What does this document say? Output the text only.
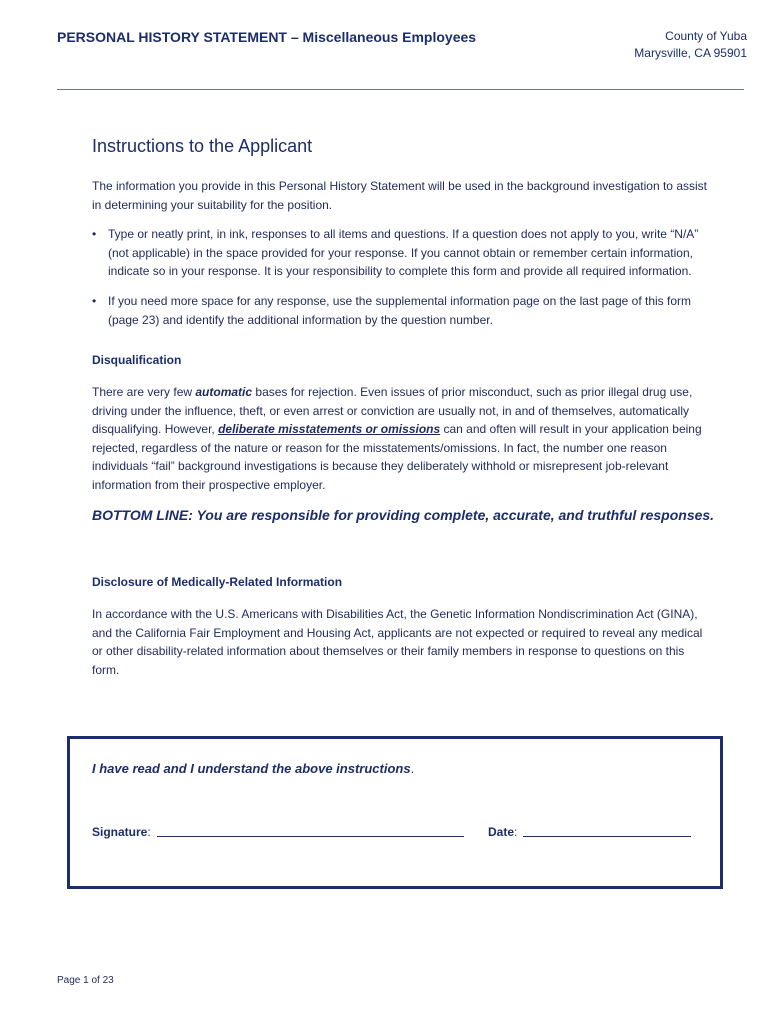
PERSONAL HISTORY STATEMENT – Miscellaneous Employees	County of Yuba
Marysville, CA 95901
Instructions to the Applicant
The information you provide in this Personal History Statement will be used in the background investigation to assist in determining your suitability for the position.
• Type or neatly print, in ink, responses to all items and questions. If a question does not apply to you, write “N/A” (not applicable) in the space provided for your response. If you cannot obtain or remember certain information, indicate so in your response. It is your responsibility to complete this form and provide all required information.
• If you need more space for any response, use the supplemental information page on the last page of this form (page 23) and identify the additional information by the question number.
Disqualification
There are very few automatic bases for rejection. Even issues of prior misconduct, such as prior illegal drug use, driving under the influence, theft, or even arrest or conviction are usually not, in and of themselves, automatically disqualifying. However, deliberate misstatements or omissions can and often will result in your application being rejected, regardless of the nature or reason for the misstatements/omissions. In fact, the number one reason individuals “fail” background investigations is because they deliberately withhold or misrepresent job-relevant information from their prospective employer.
BOTTOM LINE: You are responsible for providing complete, accurate, and truthful responses.
Disclosure of Medically-Related Information
In accordance with the U.S. Americans with Disabilities Act, the Genetic Information Nondiscrimination Act (GINA), and the California Fair Employment and Housing Act, applicants are not expected or required to reveal any medical or other disability-related information about themselves or their family members in response to questions on this form.
I have read and I understand the above instructions.
Signature:	Date:
Page 1 of 23
